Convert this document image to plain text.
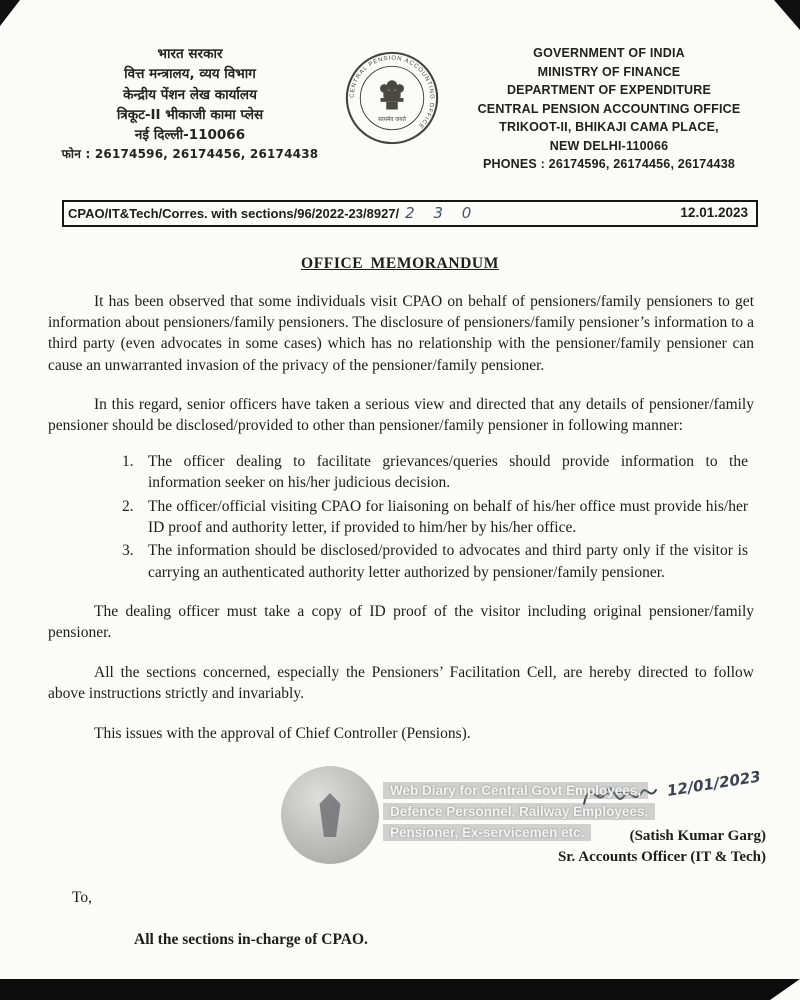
भारत सरकार
वित्त मन्त्रालय, व्यय विभाग
केन्द्रीय पेंशन लेख कार्यालय
त्रिकूट-II भीकाजी कामा प्लेस
नई दिल्ली-110066
फोन : 26174596, 26174456, 26174438
CENTRAL PENSION ACCOUNTING OFFICE
सत्यमेव जयते
GOVERNMENT OF INDIA
MINISTRY OF FINANCE
DEPARTMENT OF EXPENDITURE
CENTRAL PENSION ACCOUNTING OFFICE
TRIKOOT-II, BHIKAJI CAMA PLACE,
NEW DELHI-110066
PHONES : 26174596, 26174456, 26174438
CPAO/IT&Tech/Corres. with sections/96/2022-23/8927/ 2 3 0	12.01.2023
OFFICE MEMORANDUM

It has been observed that some individuals visit CPAO on behalf of pensioners/family pensioners to get information about pensioners/family pensioners. The disclosure of pensioners/family pensioner’s information to a third party (even advocates in some cases) which has no relationship with the pensioner/family pensioner can cause an unwarranted invasion of the privacy of the pensioner/family pensioner.

In this regard, senior officers have taken a serious view and directed that any details of pensioner/family pensioner should be disclosed/provided to other than pensioner/family pensioner in following manner:

1. The officer dealing to facilitate grievances/queries should provide information to the information seeker on his/her judicious decision.
2. The officer/official visiting CPAO for liaisoning on behalf of his/her office must provide his/her ID proof and authority letter, if provided to him/her by his/her office.
3. The information should be disclosed/provided to advocates and third party only if the visitor is carrying an authenticated authority letter authorized by pensioner/family pensioner.

The dealing officer must take a copy of ID proof of the visitor including original pensioner/family pensioner.

All the sections concerned, especially the Pensioners’ Facilitation Cell, are hereby directed to follow above instructions strictly and invariably.

This issues with the approval of Chief Controller (Pensions).

12/01/2023
(Satish Kumar Garg)
Sr. Accounts Officer (IT & Tech)
To,
All the sections in-charge of CPAO.
Web Diary for Central Govt Employees,
Defence Personnel, Railway Employees,
Pensioner, Ex-servicemen etc.
